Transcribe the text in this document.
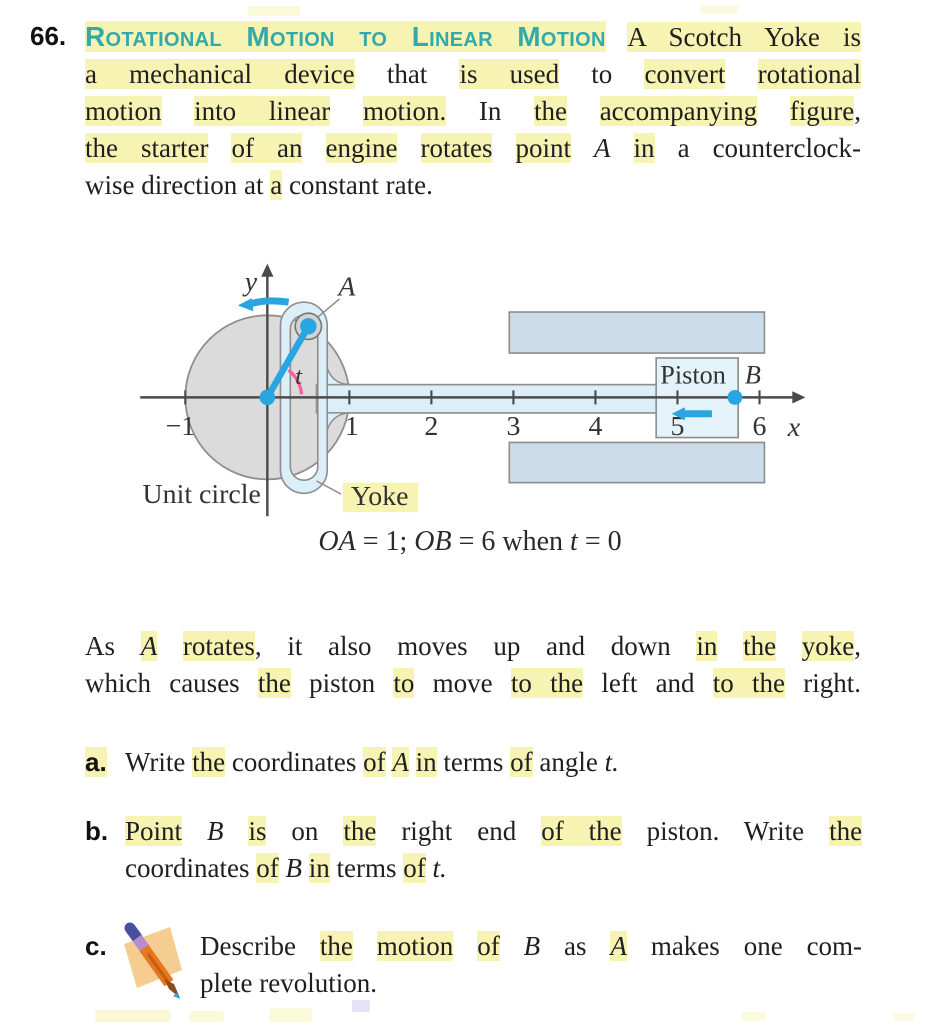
66. Rotational Motion to Linear Motion A Scotch Yoke is
a mechanical device that is used to convert rotational
motion into linear motion. In the accompanying figure,
the starter of an engine rotates point A in a counterclock-
wise direction at a constant rate.
OA = 1; OB = 6 when t = 0
As A rotates, it also moves up and down in the yoke,
which causes the piston to move to the left and to the right.
a. Write the coordinates of A in terms of angle t.
b. Point B is on the right end of the piston. Write the
coordinates of B in terms of t.
c.	Describe the motion of B as A makes one com-
plete revolution.
